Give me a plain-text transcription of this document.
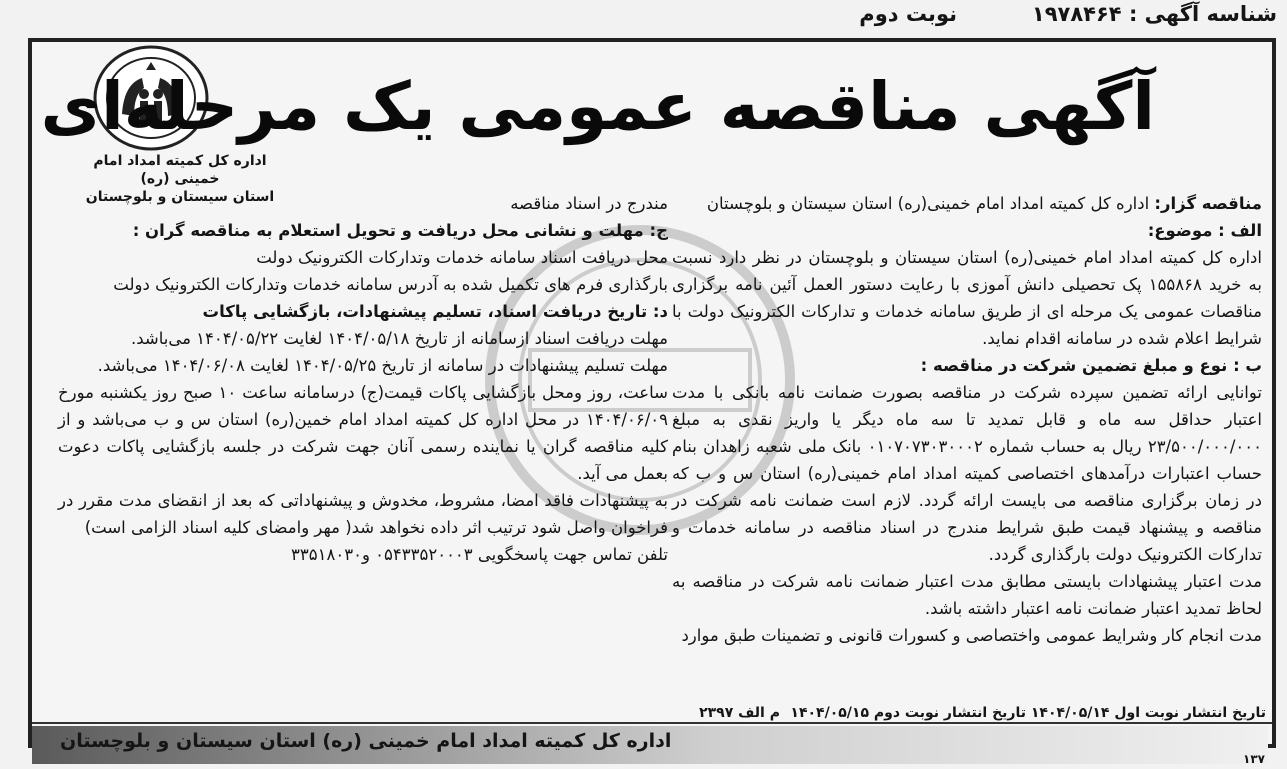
شناسه آگهی : ۱۹۷۸۴۶۴
نوبت دوم
اداره کل کمیته امداد امام خمینی (ره)
استان سیستان و بلوچستان
آگهی مناقصه عمومی یک مرحله‌ای

مناقصه گزار: اداره کل کمیته امداد امام خمینی(ره) استان سیستان و بلوچستان

الف : موضوع:

اداره کل کمیته امداد امام خمینی(ره) استان سیستان و بلوچستان در نظر دارد نسبت به خرید ۱۵۵۸۶۸ پک تحصیلی دانش آموزی با رعایت دستور العمل آئین نامه برگزاری مناقصات عمومی یک مرحله ای از طریق سامانه خدمات و تدارکات الکترونیک دولت با شرایط اعلام شده در سامانه اقدام نماید.

ب : نوع و مبلغ تضمین شرکت در مناقصه :

توانایی ارائه تضمین سپرده شرکت در مناقصه بصورت ضمانت نامه بانکی با مدت اعتبار حداقل سه ماه و قابل تمدید تا سه ماه دیگر یا واریز نقدی به مبلغ ۲۳/۵۰۰/۰۰۰/۰۰۰ ریال به حساب شماره ۰۱۰۷۰۷۳۰۳۰۰۰۲ بانک ملی شعبه زاهدان بنام حساب اعتبارات درآمدهای اختصاصی کمیته امداد امام خمینی(ره) استان س و ب که در زمان برگزاری مناقصه می بایست ارائه گردد. لازم است ضمانت نامه شرکت در مناقصه و پیشنهاد قیمت طبق شرایط مندرج در اسناد مناقصه در سامانه خدمات و تدارکات الکترونیک دولت بارگذاری گردد.

مدت اعتبار پیشنهادات بایستی مطابق مدت اعتبار ضمانت نامه شرکت در مناقصه به لحاظ تمدید اعتبار ضمانت نامه اعتبار داشته باشد.

مدت انجام کار وشرایط عمومی واختصاصی و کسورات قانونی و تضمینات طبق موارد

مندرج در اسناد مناقصه

ج: مهلت و نشانی محل دریافت و تحویل استعلام به مناقصه گران :

محل دریافت اسناد سامانه خدمات وتدارکات الکترونیک دولت

بارگذاری فرم های تکمیل شده به آدرس سامانه خدمات وتدارکات الکترونیک دولت

د: تاریخ دریافت اسناد، تسلیم پیشنهادات، بازگشایی پاکات

مهلت دریافت اسناد ازسامانه از تاریخ ۱۴۰۴/۰۵/۱۸ لغایت ۱۴۰۴/۰۵/۲۲ می‌باشد.

مهلت تسلیم پیشنهادات در سامانه از تاریخ ۱۴۰۴/۰۵/۲۵ لغایت ۱۴۰۴/۰۶/۰۸ می‌باشد.

ساعت، روز ومحل بازگشایی پاکات قیمت(ج) درسامانه ساعت ۱۰ صبح روز یکشنبه مورخ ۱۴۰۴/۰۶/۰۹ در محل اداره کل کمیته امداد امام خمین(ره) استان س و ب می‌باشد و از کلیه مناقصه گران یا نماینده رسمی آنان جهت شرکت در جلسه بازگشایی پاکات دعوت بعمل می آید.

به پیشنهادات فاقد امضا، مشروط، مخدوش و پیشنهاداتی که بعد از انقضای مدت مقرر در فراخوان واصل شود ترتیب اثر داده نخواهد شد( مهر وامضای کلیه اسناد الزامی است)

تلفن تماس جهت پاسخگویی ۰۵۴۳۳۵۲۰۰۰۳ و۳۳۵۱۸۰۳۰

تاریخ انتشار نوبت اول ۱۴۰۴/۰۵/۱۴ تاریخ انتشار نوبت دوم ۱۴۰۴/۰۵/۱۵
م الف ۲۳۹۷
اداره کل کمیته امداد امام خمینی (ره) استان سیستان و بلوچستان
۱۳۷
